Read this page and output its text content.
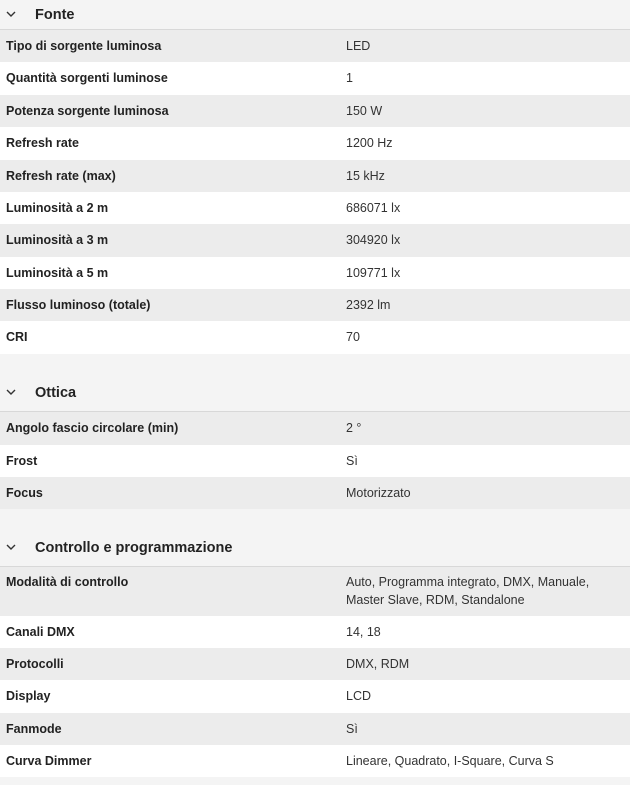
Fonte
Tipo di sorgente luminosa	LED
Quantità sorgenti luminose	1
Potenza sorgente luminosa	150 W
Refresh rate	1200 Hz
Refresh rate (max)	15 kHz
Luminosità a 2 m	686071 lx
Luminosità a 3 m	304920 lx
Luminosità a 5 m	109771 lx
Flusso luminoso (totale)	2392 lm
CRI	70
Ottica
Angolo fascio circolare (min)	2 °
Frost	Sì
Focus	Motorizzato
Controllo e programmazione
Modalità di controllo	Auto, Programma integrato, DMX, Manuale, Master Slave, RDM, Standalone
Canali DMX	14, 18
Protocolli	DMX, RDM
Display	LCD
Fanmode	Sì
Curva Dimmer	Lineare, Quadrato, I-Square, Curva S
